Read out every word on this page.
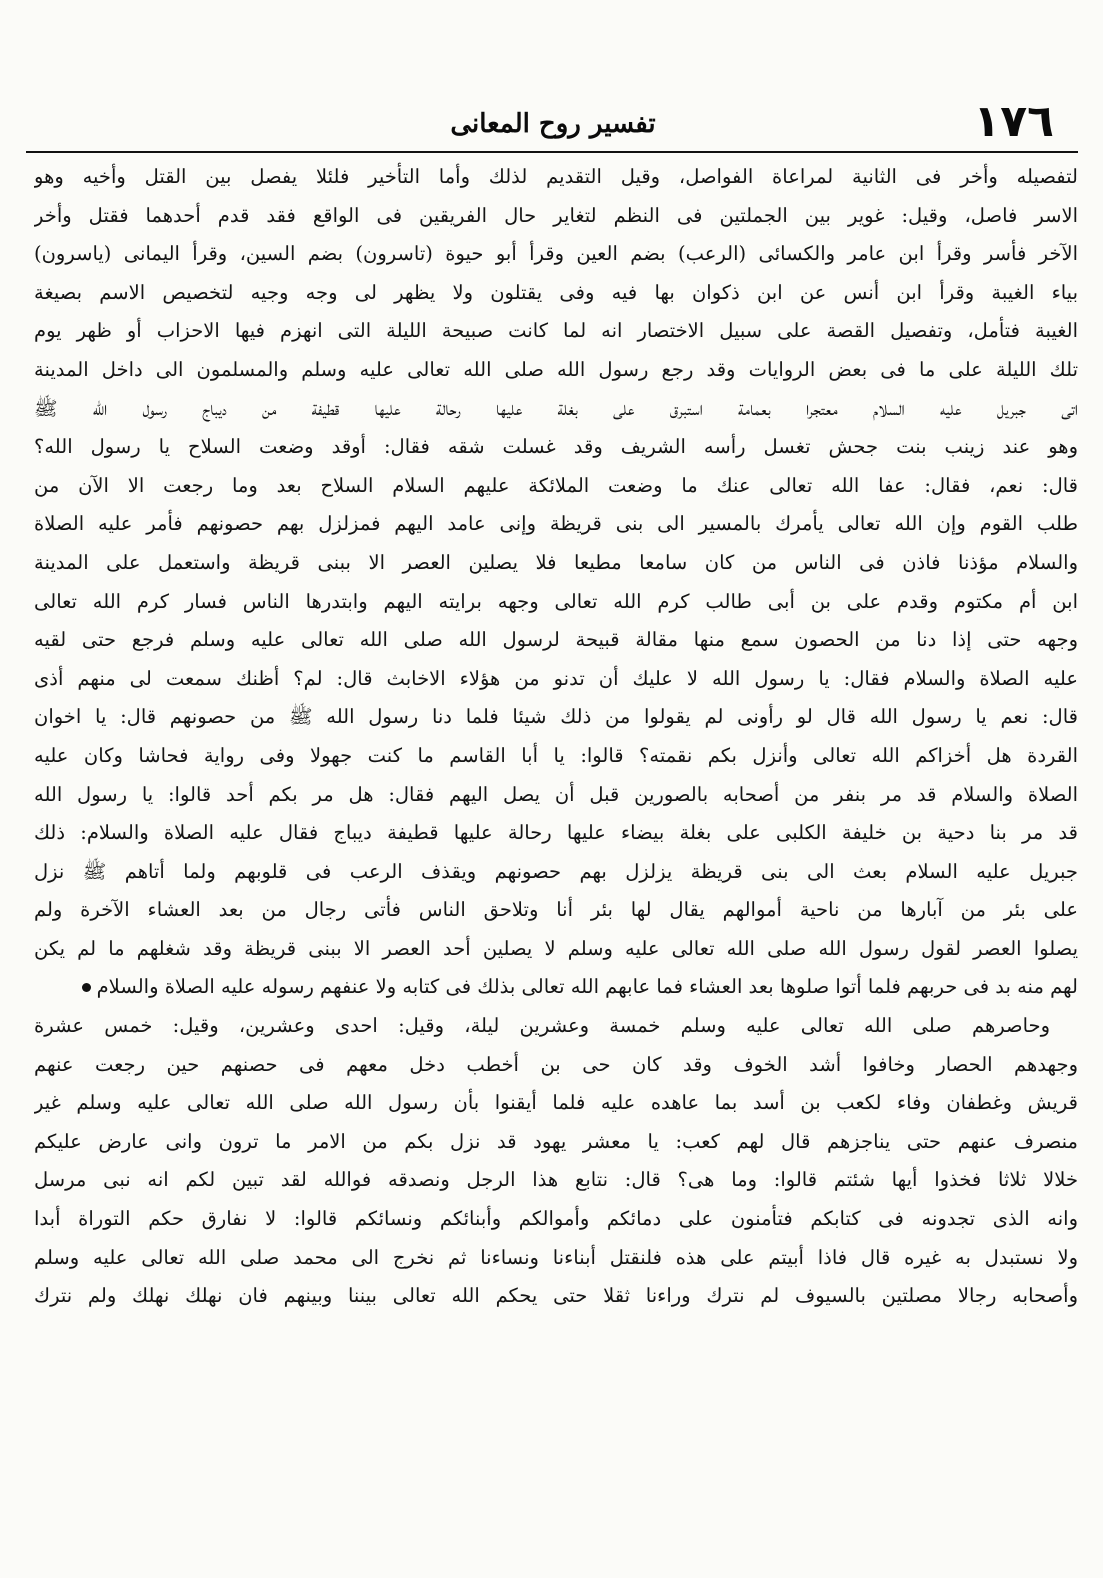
١٧٦
تفسير روح المعانى
لتفصيله وأخر فى الثانية لمراعاة الفواصل، وقيل التقديم لذلك وأما التأخير فلئلا يفصل بين القتل وأخيه وهو
الاسر فاصل، وقيل: غوير بين الجملتين فى النظم لتغاير حال الفريقين فى الواقع فقد قدم أحدهما فقتل وأخر
الآخر فأسر وقرأ ابن عامر والكسائى (الرعب) بضم العين وقرأ أبو حيوة (تاسرون) بضم السين، وقرأ اليمانى (ياسرون)
بياء الغيبة وقرأ ابن أنس عن ابن ذكوان بها فيه وفى يقتلون ولا يظهر لى وجه وجيه لتخصيص الاسم بصيغة
الغيبة فتأمل، وتفصيل القصة على سبيل الاختصار انه لما كانت صبيحة الليلة التى انهزم فيها الاحزاب أو ظهر يوم
تلك الليلة على ما فى بعض الروايات وقد رجع رسول الله صلى الله تعالى عليه وسلم والمسلمون الى داخل المدينة
اتى جبريل عليه السلام معتجرا بعمامة استبرق على بغلة عليها رحالة عليها قطيفة من ديباج رسول الله ﷺ
وهو عند زينب بنت جحش تغسل رأسه الشريف وقد غسلت شقه فقال: أوقد وضعت السلاح يا رسول الله؟
قال: نعم، فقال: عفا الله تعالى عنك ما وضعت الملائكة عليهم السلام السلاح بعد وما رجعت الا الآن من
طلب القوم وإن الله تعالى يأمرك بالمسير الى بنى قريظة وإنى عامد اليهم فمزلزل بهم حصونهم فأمر عليه الصلاة
والسلام مؤذنا فاذن فى الناس من كان سامعا مطيعا فلا يصلين العصر الا ببنى قريظة واستعمل على المدينة
ابن أم مكتوم وقدم على بن أبى طالب كرم الله تعالى وجهه برايته اليهم وابتدرها الناس فسار كرم الله تعالى
وجهه حتى إذا دنا من الحصون سمع منها مقالة قبيحة لرسول الله صلى الله تعالى عليه وسلم فرجع حتى لقيه
عليه الصلاة والسلام فقال: يا رسول الله لا عليك أن تدنو من هؤلاء الاخابث قال: لم؟ أظنك سمعت لى منهم أذى
قال: نعم يا رسول الله قال لو رأونى لم يقولوا من ذلك شيئا فلما دنا رسول الله ﷺ من حصونهم قال: يا اخوان
القردة هل أخزاكم الله تعالى وأنزل بكم نقمته؟ قالوا: يا أبا القاسم ما كنت جهولا وفى رواية فحاشا وكان عليه
الصلاة والسلام قد مر بنفر من أصحابه بالصورين قبل أن يصل اليهم فقال: هل مر بكم أحد قالوا: يا رسول الله
قد مر بنا دحية بن خليفة الكلبى على بغلة بيضاء عليها رحالة عليها قطيفة ديباج فقال عليه الصلاة والسلام: ذلك
جبريل عليه السلام بعث الى بنى قريظة يزلزل بهم حصونهم ويقذف الرعب فى قلوبهم ولما أتاهم ﷺ نزل
على بئر من آبارها من ناحية أموالهم يقال لها بئر أنا وتلاحق الناس فأتى رجال من بعد العشاء الآخرة ولم
يصلوا العصر لقول رسول الله صلى الله تعالى عليه وسلم لا يصلين أحد العصر الا ببنى قريظة وقد شغلهم ما لم يكن
لهم منه بد فى حربهم فلما أتوا صلوها بعد العشاء فما عابهم الله تعالى بذلك فى كتابه ولا عنفهم رسوله عليه الصلاة والسلام
وحاصرهم صلى الله تعالى عليه وسلم خمسة وعشرين ليلة، وقيل: احدى وعشرين، وقيل: خمس عشرة
وجهدهم الحصار وخافوا أشد الخوف وقد كان حى بن أخطب دخل معهم فى حصنهم حين رجعت عنهم
قريش وغطفان وفاء لكعب بن أسد بما عاهده عليه فلما أيقنوا بأن رسول الله صلى الله تعالى عليه وسلم غير
منصرف عنهم حتى يناجزهم قال لهم كعب: يا معشر يهود قد نزل بكم من الامر ما ترون وانى عارض عليكم
خلالا ثلاثا فخذوا أيها شئتم قالوا: وما هى؟ قال: نتابع هذا الرجل ونصدقه فوالله لقد تبين لكم انه نبى مرسل
وانه الذى تجدونه فى كتابكم فتأمنون على دمائكم وأموالكم وأبنائكم ونسائكم قالوا: لا نفارق حكم التوراة أبدا
ولا نستبدل به غيره قال فاذا أبيتم على هذه فلنقتل أبناءنا ونساءنا ثم نخرج الى محمد صلى الله تعالى عليه وسلم
وأصحابه رجالا مصلتين بالسيوف لم نترك وراءنا ثقلا حتى يحكم الله تعالى بيننا وبينهم فان نهلك نهلك ولم نترك
